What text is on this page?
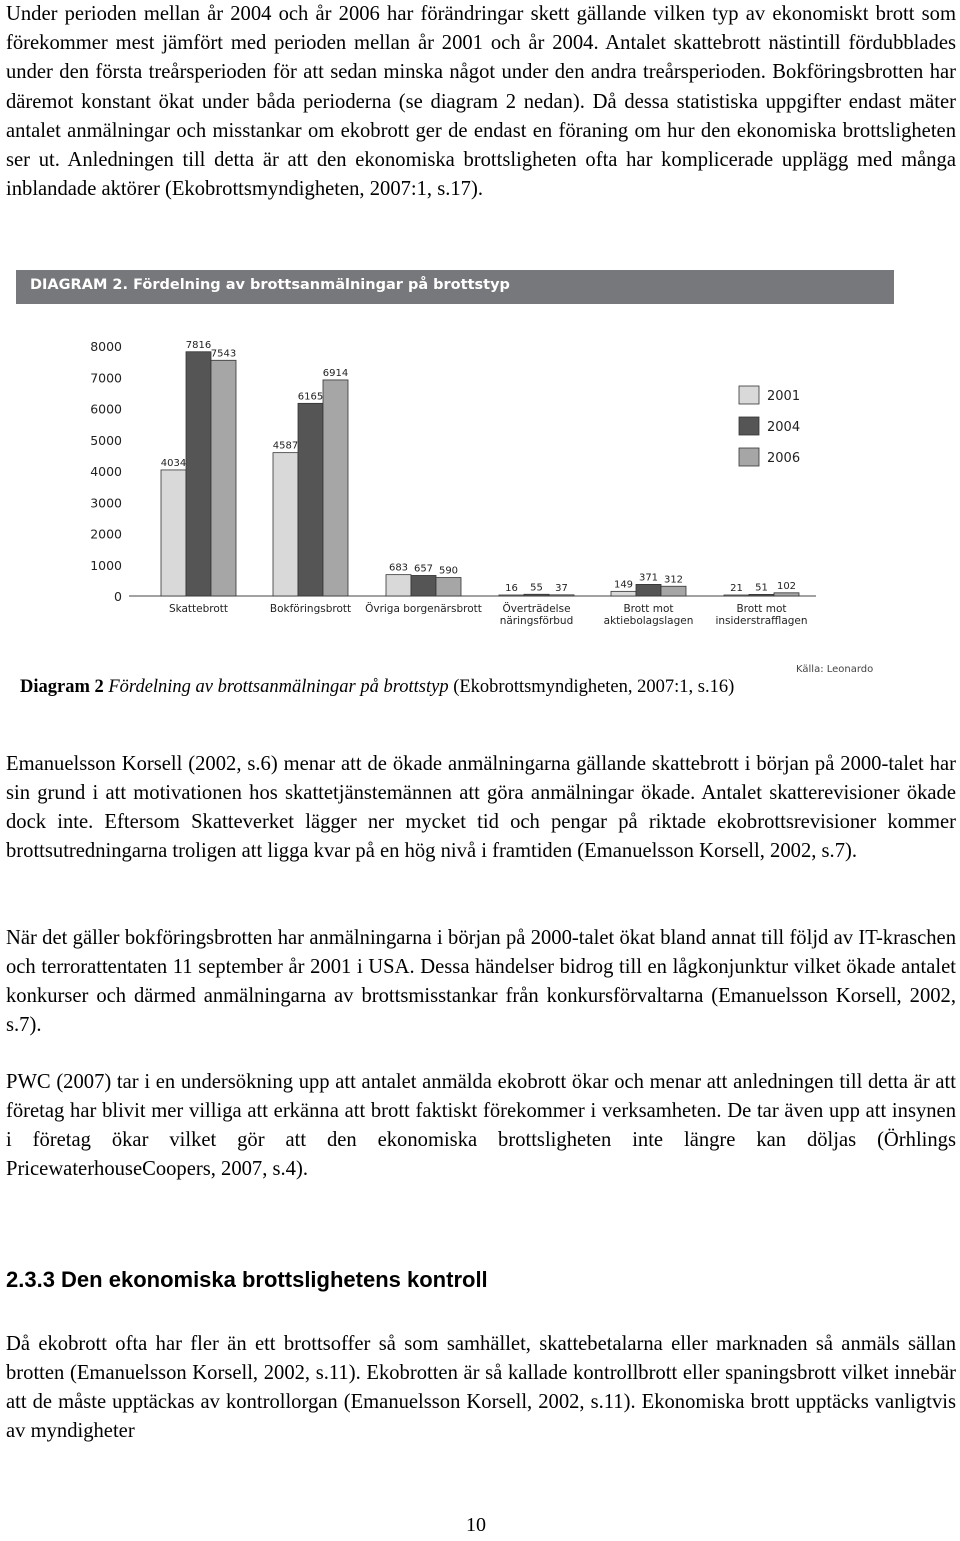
Under perioden mellan år 2004 och år 2006 har förändringar skett gällande vilken typ av ekonomiskt brott som förekommer mest jämfört med perioden mellan år 2001 och år 2004. Antalet skattebrott nästintill fördubblades under den första treårsperioden för att sedan minska något under den andra treårsperioden. Bokföringsbrotten har däremot konstant ökat under båda perioderna (se diagram 2 nedan). Då dessa statistiska uppgifter endast mäter antalet anmälningar och misstankar om ekobrott ger de endast en föraning om hur den ekonomiska brottsligheten ser ut. Anledningen till detta är att den ekonomiska brottsligheten ofta har komplicerade upplägg med många inblandade aktörer (Ekobrottsmyndigheten, 2007:1, s.17).

DIAGRAM 2. Fördelning av brottsanmälningar på brottstyp
0
1000
2000
3000
4000
5000
6000
7000
8000
4034
7816
7543
Skattebrott
4587
6165
6914
Bokföringsbrott
683 657 590
Övriga borgenärsbrott
16 55 37
Överträdelse
näringsförbud
149
371 312
Brott mot
aktiebolagslagen
21 51 102
Brott mot
insiderstrafflagen
2001
2004
2006
Källa: Leonardo

Diagram 2 Fördelning av brottsanmälningar på brottstyp (Ekobrottsmyndigheten, 2007:1, s.16)

Emanuelsson Korsell (2002, s.6) menar att de ökade anmälningarna gällande skattebrott i början på 2000-talet har sin grund i att motivationen hos skattetjänstemännen att göra anmälningar ökade. Antalet skatterevisioner ökade dock inte. Eftersom Skatteverket lägger ner mycket tid och pengar på riktade ekobrottsrevisioner kommer brottsutredningarna troligen att ligga kvar på en hög nivå i framtiden (Emanuelsson Korsell, 2002, s.7).

När det gäller bokföringsbrotten har anmälningarna i början på 2000-talet ökat bland annat till följd av IT-kraschen och terrorattentaten 11 september år 2001 i USA. Dessa händelser bidrog till en lågkonjunktur vilket ökade antalet konkurser och därmed anmälningarna av brottsmisstankar från konkursförvaltarna (Emanuelsson Korsell, 2002, s.7).

PWC (2007) tar i en undersökning upp att antalet anmälda ekobrott ökar och menar att anledningen till detta är att företag har blivit mer villiga att erkänna att brott faktiskt förekommer i verksamheten. De tar även upp att insynen i företag ökar vilket gör att den ekonomiska brottsligheten inte längre kan döljas (Örhlings PricewaterhouseCoopers, 2007, s.4).

2.3.3 Den ekonomiska brottslighetens kontroll

Då ekobrott ofta har fler än ett brottsoffer så som samhället, skattebetalarna eller marknaden så anmäls sällan brotten (Emanuelsson Korsell, 2002, s.11). Ekobrotten är så kallade kontrollbrott eller spaningsbrott vilket innebär att de måste upptäckas av kontrollorgan (Emanuelsson Korsell, 2002, s.11). Ekonomiska brott upptäcks vanligtvis av myndigheter

10
